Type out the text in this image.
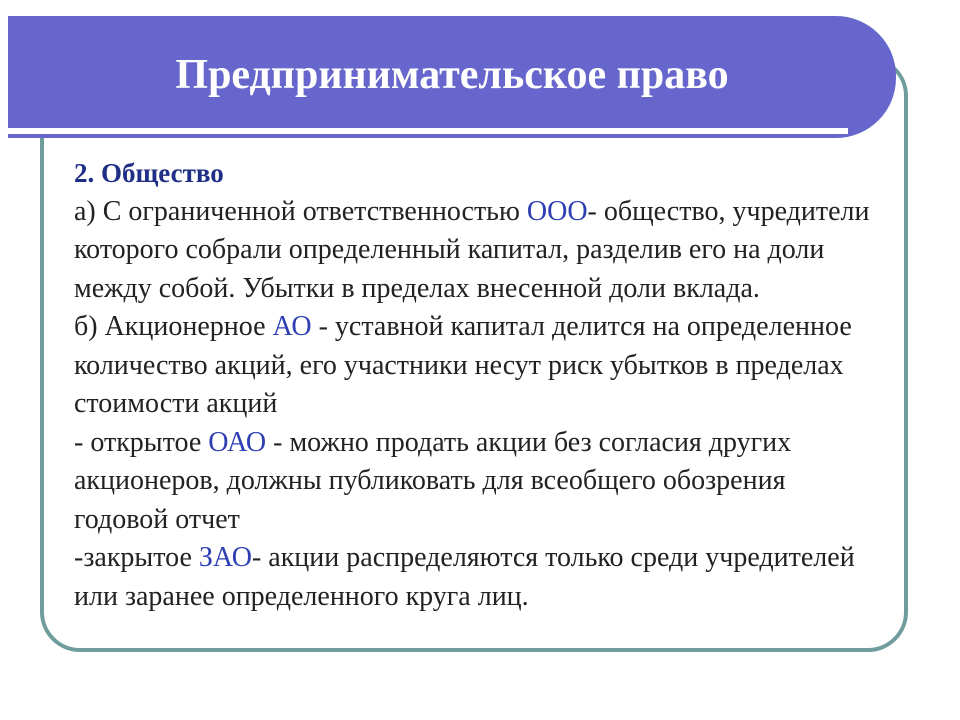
Предпринимательское право

2. Общество

а) С ограниченной ответственностью ООО- общество, учредители которого собрали определенный капитал, разделив его на доли между собой. Убытки в пределах внесенной доли вклада.

б) Акционерное АО - уставной капитал делится на определенное количество акций, его участники несут риск убытков в пределах стоимости акций

- открытое ОАО - можно продать акции без согласия других акционеров, должны публиковать для всеобщего обозрения годовой отчет

-закрытое ЗАО- акции распределяются только среди учредителей или заранее определенного круга лиц.
